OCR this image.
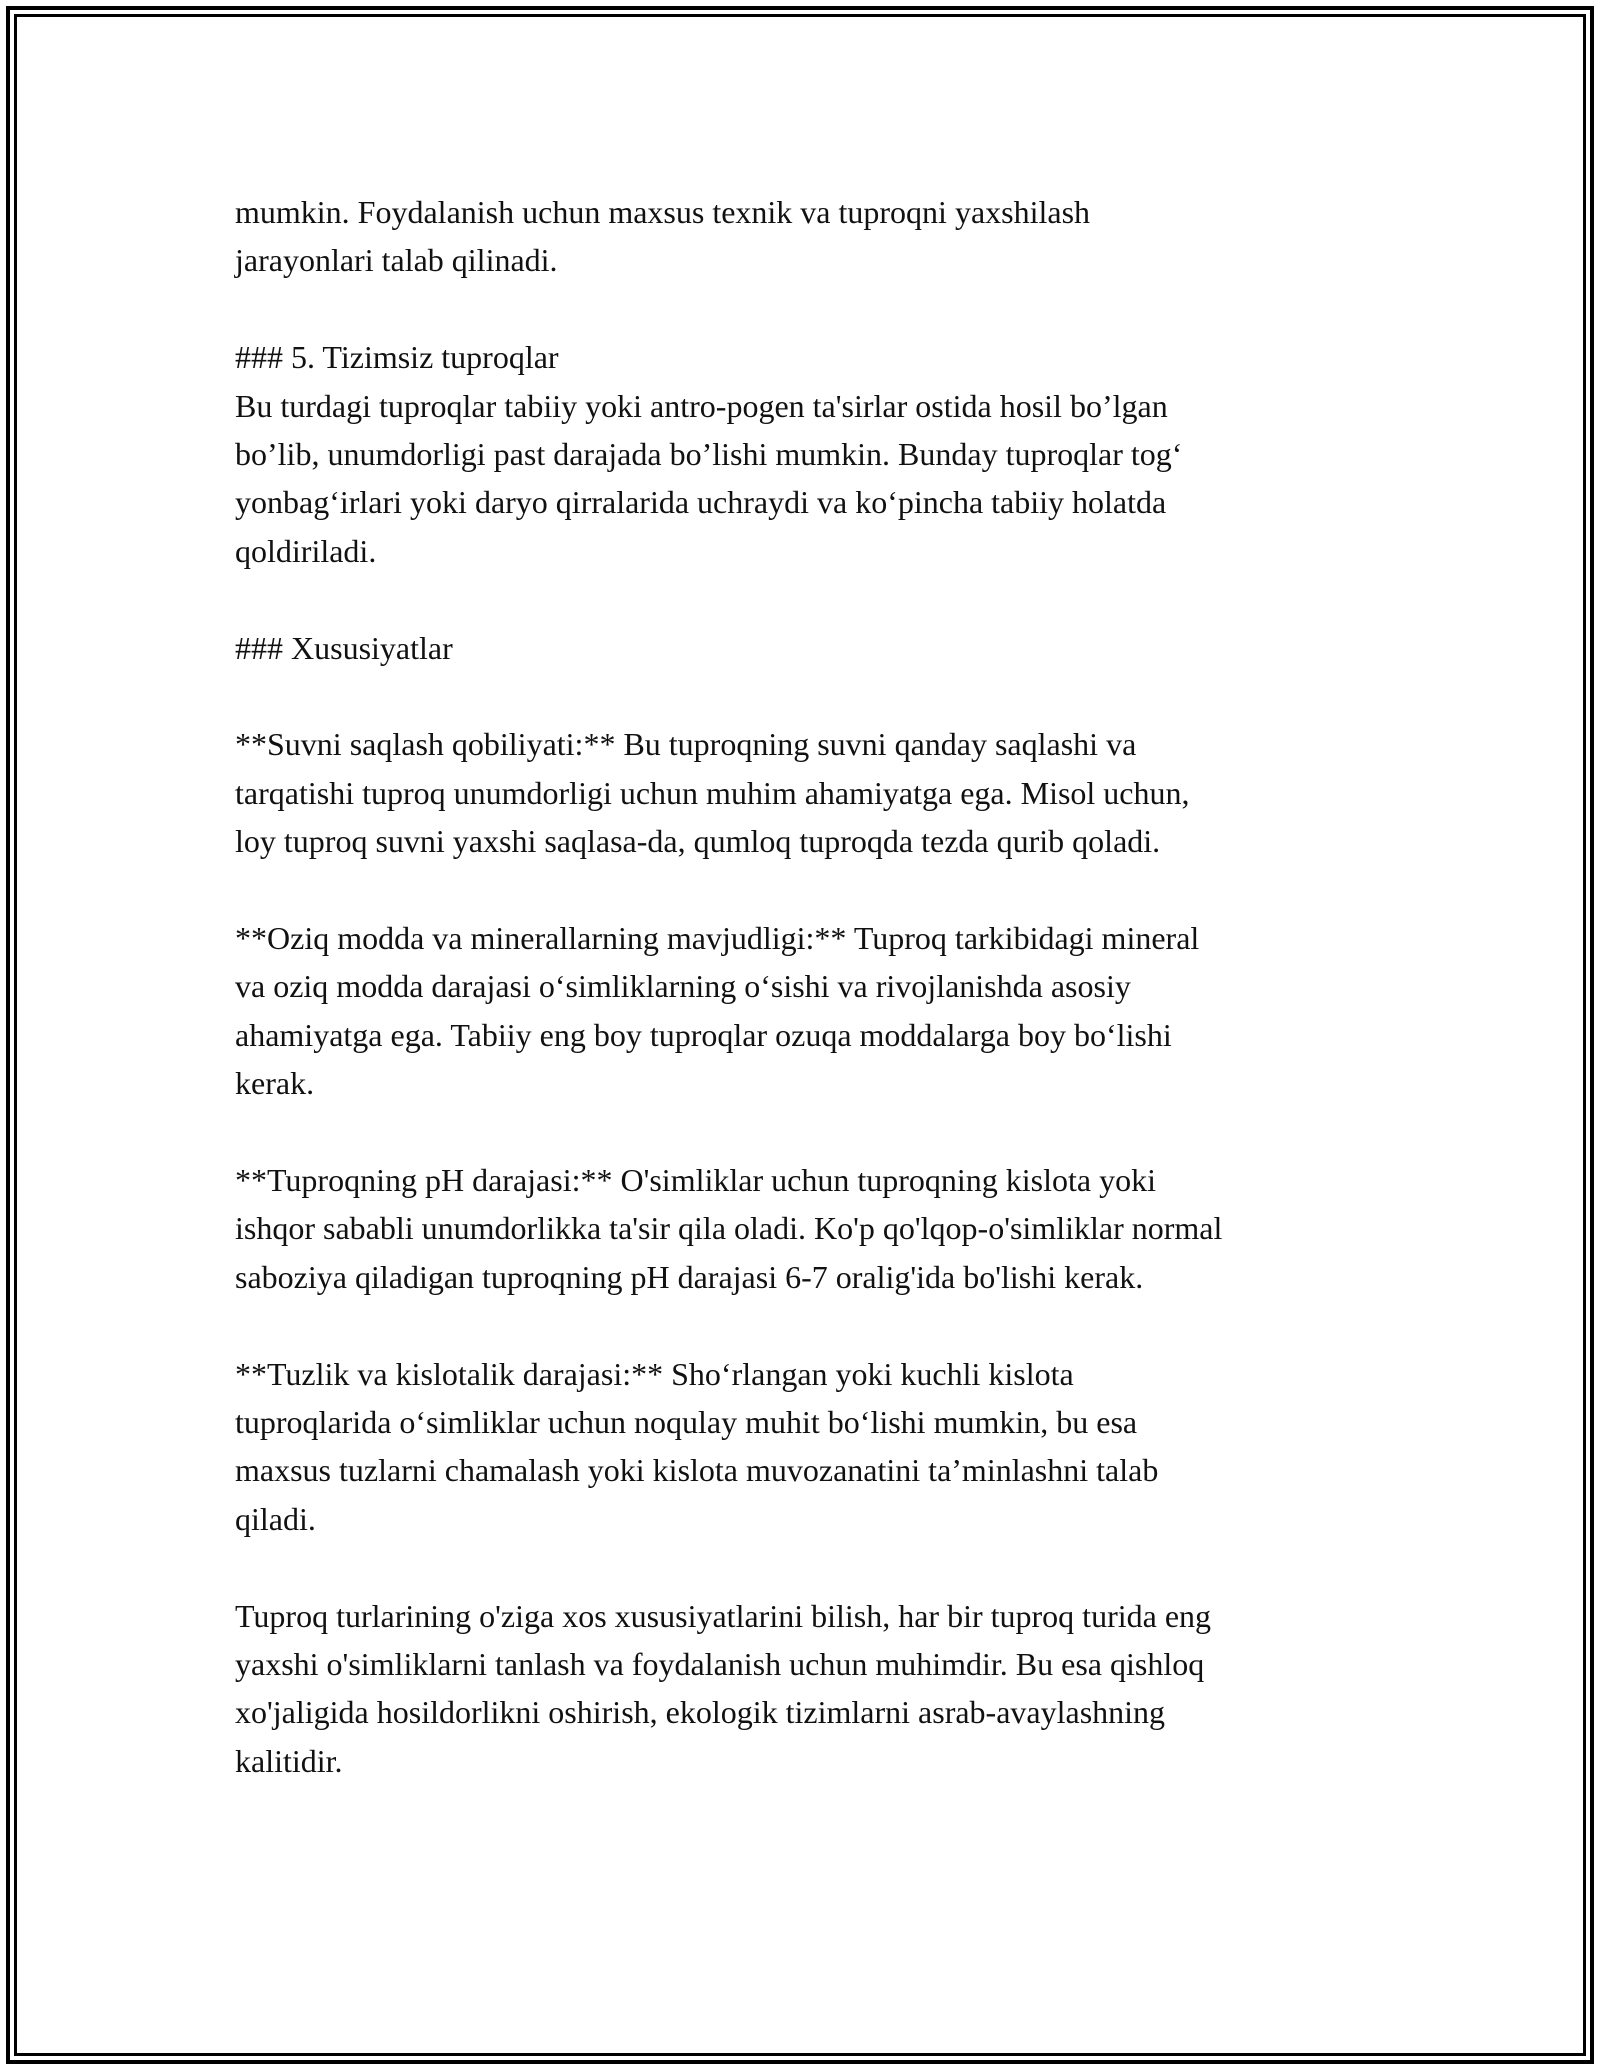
mumkin. Foydalanish uchun maxsus texnik va tuproqni yaxshilash
jarayonlari talab qilinadi.

### 5. Tizimsiz tuproqlar

Bu turdagi tuproqlar tabiiy yoki antro-pogen ta'sirlar ostida hosil bo’lgan
bo’lib, unumdorligi past darajada bo’lishi mumkin. Bunday tuproqlar tog‘
yonbag‘irlari yoki daryo qirralarida uchraydi va ko‘pincha tabiiy holatda
qoldiriladi.

### Xususiyatlar

**Suvni saqlash qobiliyati:** Bu tuproqning suvni qanday saqlashi va
tarqatishi tuproq unumdorligi uchun muhim ahamiyatga ega. Misol uchun,
loy tuproq suvni yaxshi saqlasa-da, qumloq tuproqda tezda qurib qoladi.

**Oziq modda va minerallarning mavjudligi:** Tuproq tarkibidagi mineral
va oziq modda darajasi o‘simliklarning o‘sishi va rivojlanishda asosiy
ahamiyatga ega. Tabiiy eng boy tuproqlar ozuqa moddalarga boy bo‘lishi
kerak.

**Tuproqning pH darajasi:** O'simliklar uchun tuproqning kislota yoki
ishqor sababli unumdorlikka ta'sir qila oladi. Ko'p qo'lqop-o'simliklar normal
saboziya qiladigan tuproqning pH darajasi 6-7 oralig'ida bo'lishi kerak.

**Tuzlik va kislotalik darajasi:** Sho‘rlangan yoki kuchli kislota
tuproqlarida o‘simliklar uchun noqulay muhit bo‘lishi mumkin, bu esa
maxsus tuzlarni chamalash yoki kislota muvozanatini ta’minlashni talab
qiladi.

Tuproq turlarining o'ziga xos xususiyatlarini bilish, har bir tuproq turida eng
yaxshi o'simliklarni tanlash va foydalanish uchun muhimdir. Bu esa qishloq
xo'jaligida hosildorlikni oshirish, ekologik tizimlarni asrab-avaylashning
kalitidir.
